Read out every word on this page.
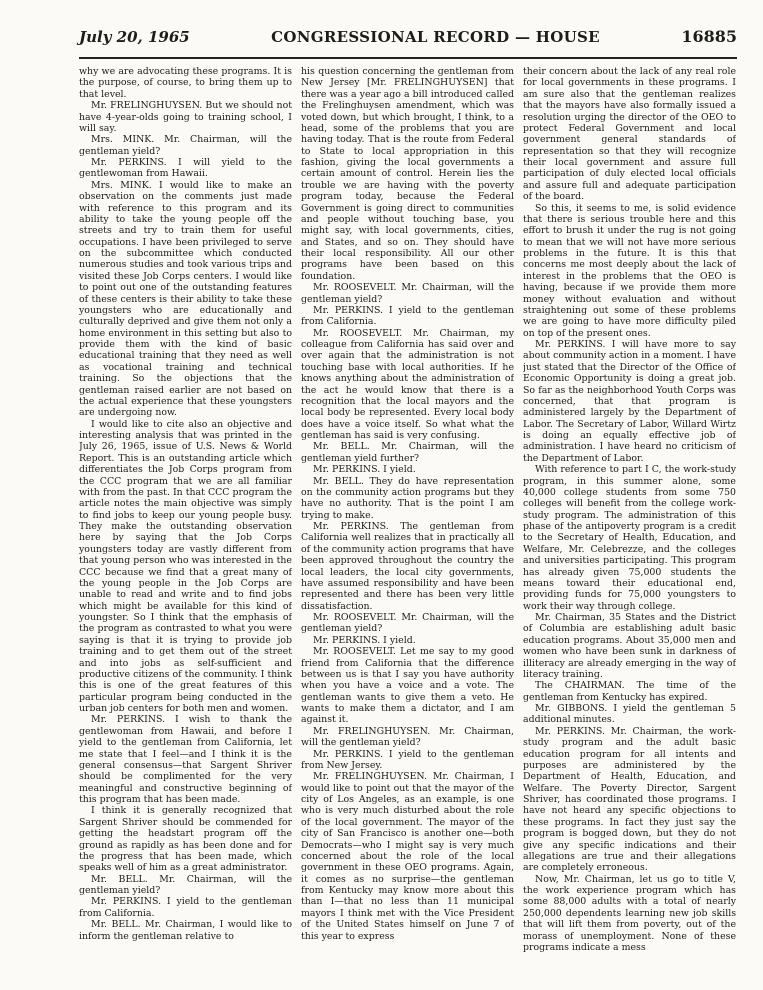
July 20, 1965	CONGRESSIONAL RECORD — HOUSE	16885

why we are advocating these programs. It is the purpose, of course, to bring them up to that level.

Mr. FRELINGHUYSEN. But we should not have 4-year-olds going to training school, I will say.

Mrs. MINK. Mr. Chairman, will the gentleman yield?

Mr. PERKINS. I will yield to the gentlewoman from Hawaii.

Mrs. MINK. I would like to make an observation on the comments just made with reference to this program and its ability to take the young people off the streets and try to train them for useful occupations. I have been privileged to serve on the subcommittee which conducted numerous studies and took various trips and visited these Job Corps centers. I would like to point out one of the outstanding features of these centers is their ability to take these youngsters who are educationally and culturally deprived and give them not only a home environment in this setting but also to provide them with the kind of basic educational training that they need as well as vocational training and technical training. So the objections that the gentleman raised earlier are not based on the actual experience that these youngsters are undergoing now.

I would like to cite also an objective and interesting analysis that was printed in the July 26, 1965, issue of U.S. News & World Report. This is an outstanding article which differentiates the Job Corps program from the CCC program that we are all familiar with from the past. In that CCC program the article notes the main objective was simply to find jobs to keep our young people busy. They make the outstanding observation here by saying that the Job Corps youngsters today are vastly different from that young person who was interested in the CCC because we find that a great many of the young people in the Job Corps are unable to read and write and to find jobs which might be available for this kind of youngster. So I think that the emphasis of the program as contrasted to what you were saying is that it is trying to provide job training and to get them out of the street and into jobs as self-sufficient and productive citizens of the community. I think this is one of the great features of this particular program being conducted in the urban job centers for both men and women.

Mr. PERKINS. I wish to thank the gentlewoman from Hawaii, and before I yield to the gentleman from California, let me state that I feel—and I think it is the general consensus—that Sargent Shriver should be complimented for the very meaningful and constructive beginning of this program that has been made.

I think it is generally recognized that Sargent Shriver should be commended for getting the headstart program off the ground as rapidly as has been done and for the progress that has been made, which speaks well of him as a great administrator.

Mr. BELL. Mr. Chairman, will the gentleman yield?

Mr. PERKINS. I yield to the gentleman from California.

Mr. BELL. Mr. Chairman, I would like to inform the gentleman relative to

his question concerning the gentleman from New Jersey [Mr. FRELINGHUYSEN] that there was a year ago a bill introduced called the Frelinghuysen amendment, which was voted down, but which brought, I think, to a head, some of the problems that you are having today. That is the route from Federal to State to local appropriation in this fashion, giving the local governments a certain amount of control. Herein lies the trouble we are having with the poverty program today, because the Federal Government is going direct to communities and people without touching base, you might say, with local governments, cities, and States, and so on. They should have their local responsibility. All our other programs have been based on this foundation.

Mr. ROOSEVELT. Mr. Chairman, will the gentleman yield?

Mr. PERKINS. I yield to the gentleman from California.

Mr. ROOSEVELT. Mr. Chairman, my colleague from California has said over and over again that the administration is not touching base with local authorities. If he knows anything about the administration of the act he would know that there is a recognition that the local mayors and the local body be represented. Every local body does have a voice itself. So what what the gentleman has said is very confusing.

Mr. BELL. Mr. Chairman, will the gentleman yield further?

Mr. PERKINS. I yield.

Mr. BELL. They do have representation on the community action programs but they have no authority. That is the point I am trying to make.

Mr. PERKINS. The gentleman from California well realizes that in practically all of the community action programs that have been approved throughout the country the local leaders, the local city governments, have assumed responsibility and have been represented and there has been very little dissatisfaction.

Mr. ROOSEVELT. Mr. Chairman, will the gentleman yield?

Mr. PERKINS. I yield.

Mr. ROOSEVELT. Let me say to my good friend from California that the difference between us is that I say you have authority when you have a voice and a vote. The gentleman wants to give them a veto. He wants to make them a dictator, and I am against it.

Mr. FRELINGHUYSEN. Mr. Chairman, will the gentleman yield?

Mr. PERKINS. I yield to the gentleman from New Jersey.

Mr. FRELINGHUYSEN. Mr. Chairman, I would like to point out that the mayor of the city of Los Angeles, as an example, is one who is very much disturbed about the role of the local government. The mayor of the city of San Francisco is another one—both Democrats—who I might say is very much concerned about the role of the local government in these OEO programs. Again, it comes as no surprise—the gentleman from Kentucky may know more about this than I—that no less than 11 municipal mayors I think met with the Vice President of the United States himself on June 7 of this year to express

their concern about the lack of any real role for local governments in these programs. I am sure also that the gentleman realizes that the mayors have also formally issued a resolution urging the director of the OEO to protect Federal Government and local government general standards of representation so that they will recognize their local government and assure full participation of duly elected local officials and assure full and adequate participation of the board.

So this, it seems to me, is solid evidence that there is serious trouble here and this effort to brush it under the rug is not going to mean that we will not have more serious problems in the future. It is this that concerns me most deeply about the lack of interest in the problems that the OEO is having, because if we provide them more money without evaluation and without straightening out some of these problems we are going to have more difficulty piled on top of the present ones.

Mr. PERKINS. I will have more to say about community action in a moment. I have just stated that the Director of the Office of Economic Opportunity is doing a great job. So far as the neighborhood Youth Corps was concerned, that that program is administered largely by the Department of Labor. The Secretary of Labor, Willard Wirtz is doing an equally effective job of administration. I have heard no criticism of the Department of Labor.

With reference to part I C, the work-study program, in this summer alone, some 40,000 college students from some 750 colleges will benefit from the college work-study program. The administration of this phase of the antipoverty program is a credit to the Secretary of Health, Education, and Welfare, Mr. Celebrezze, and the colleges and universities participating. This program has already given 75,000 students the means toward their educational end, providing funds for 75,000 youngsters to work their way through college.

Mr. Chairman, 35 States and the District of Columbia are establishing adult basic education programs. About 35,000 men and women who have been sunk in darkness of illiteracy are already emerging in the way of literacy training.

The CHAIRMAN. The time of the gentleman from Kentucky has expired.

Mr. GIBBONS. I yield the gentleman 5 additional minutes.

Mr. PERKINS. Mr. Chairman, the work-study program and the adult basic education program for all intents and purposes are administered by the Department of Health, Education, and Welfare. The Poverty Director, Sargent Shriver, has coordinated those programs. I have not heard any specific objections to these programs. In fact they just say the program is bogged down, but they do not give any specific indications and their allegations are true and their allegations are completely erroneous.

Now, Mr. Chairman, let us go to title V, the work experience program which has some 88,000 adults with a total of nearly 250,000 dependents learning new job skills that will lift them from poverty, out of the morass of unemployment. None of these programs indicate a mess
